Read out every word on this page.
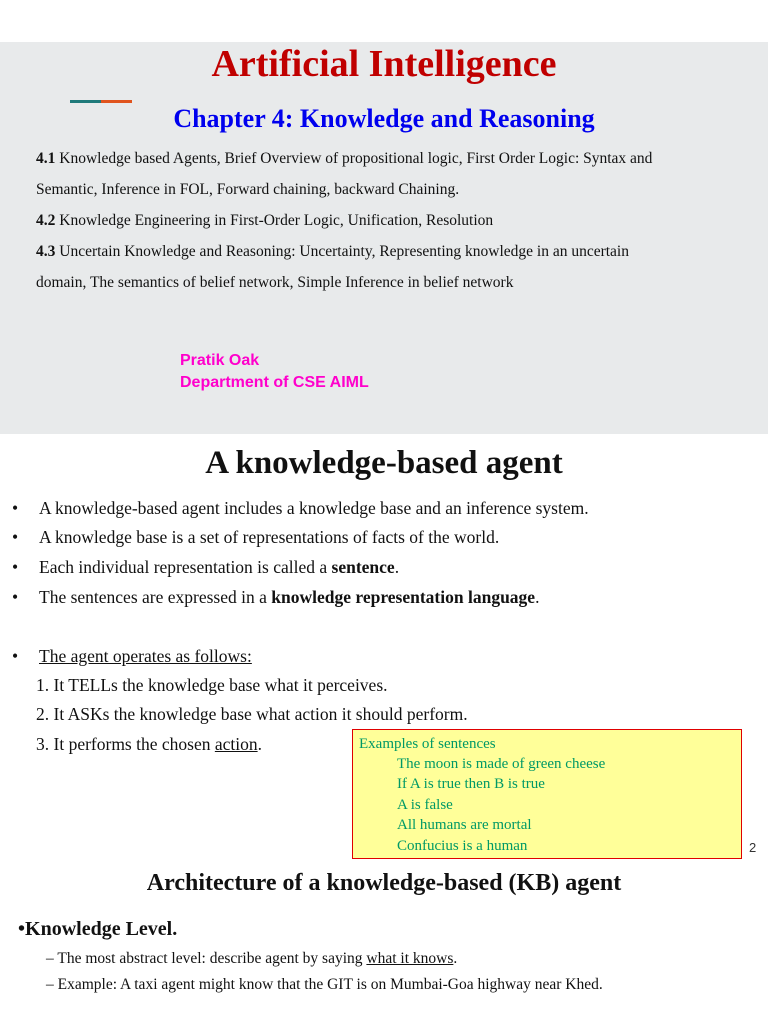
Artificial Intelligence
Chapter 4: Knowledge and Reasoning
4.1 Knowledge based Agents, Brief Overview of propositional logic, First Order Logic: Syntax and
Semantic, Inference in FOL, Forward chaining, backward Chaining.
4.2 Knowledge Engineering in First-Order Logic, Unification, Resolution
4.3 Uncertain Knowledge and Reasoning: Uncertainty, Representing knowledge in an uncertain
domain, The semantics of belief network, Simple Inference in belief network
Pratik Oak
Department of CSE AIML
A knowledge-based agent
• A knowledge-based agent includes a knowledge base and an inference system.
• A knowledge base is a set of representations of facts of the world.
• Each individual representation is called a sentence.
• The sentences are expressed in a knowledge representation language.
• The agent operates as follows:
1. It TELLs the knowledge base what it perceives.
2. It ASKs the knowledge base what action it should perform.
3. It performs the chosen action.	Examples of sentences
The moon is made of green cheese
If A is true then B is true
A is false
All humans are mortal
Confucius is a human	2
Architecture of a knowledge-based (KB) agent
•Knowledge Level.
– The most abstract level: describe agent by saying what it knows.
– Example: A taxi agent might know that the GIT is on Mumbai-Goa highway near Khed.
